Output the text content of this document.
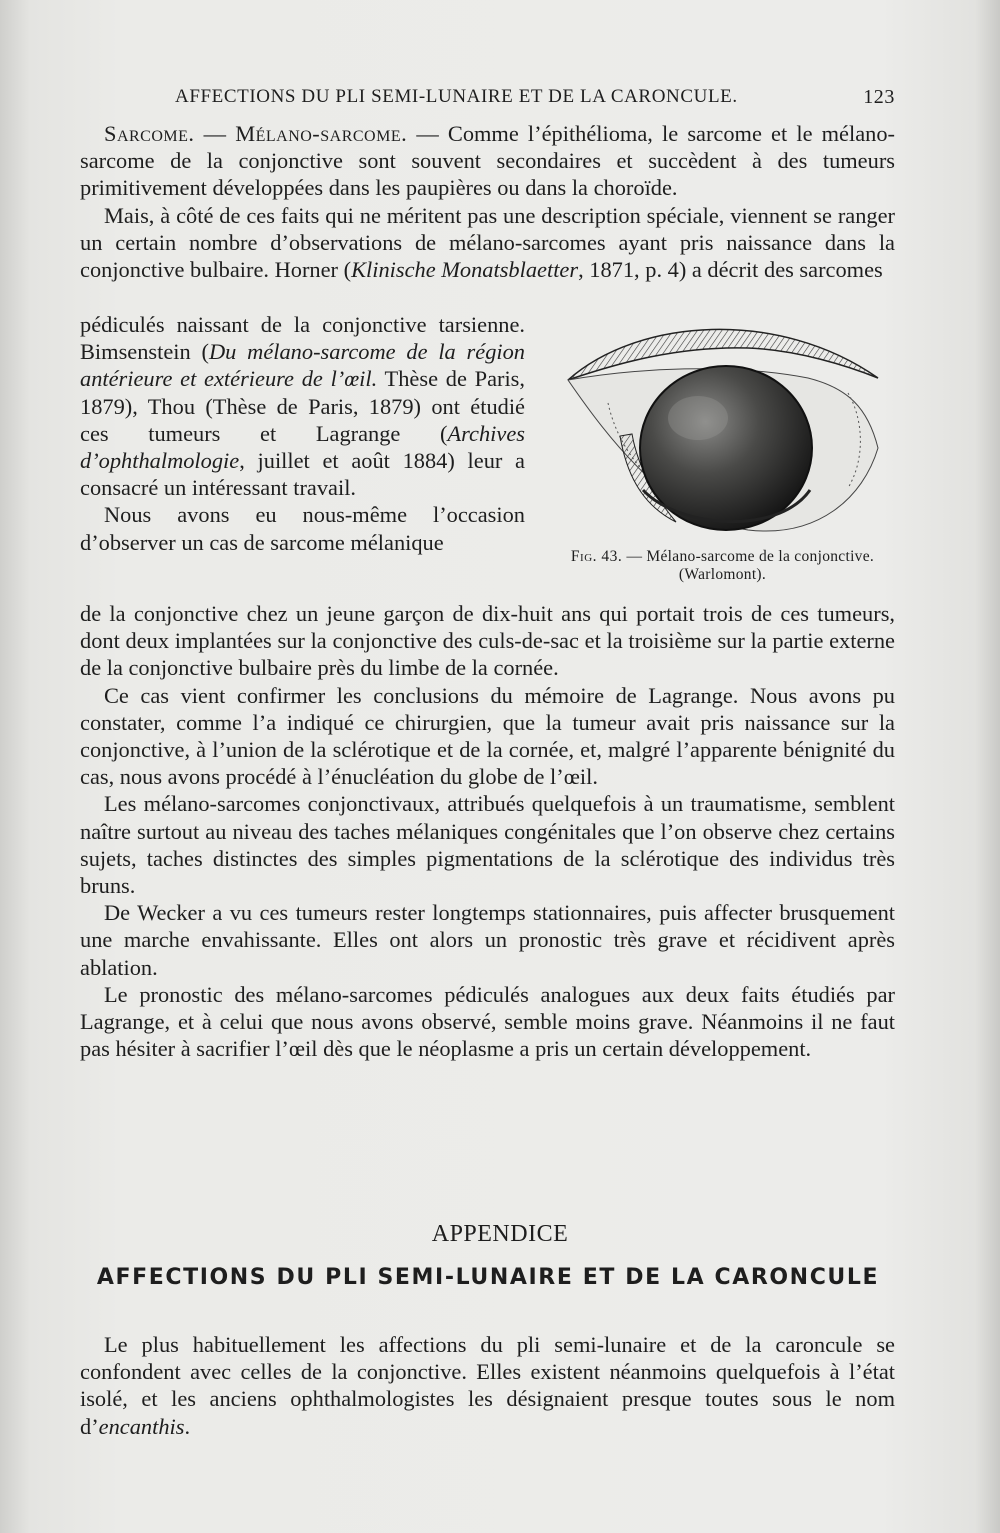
AFFECTIONS DU PLI SEMI-LUNAIRE ET DE LA CARONCULE.	123

Sarcome. — Mélano-sarcome. — Comme l’épithélioma, le sarcome et le mélano-sarcome de la conjonctive sont souvent secondaires et succèdent à des tumeurs primitivement développées dans les paupières ou dans la choroïde.

Mais, à côté de ces faits qui ne méritent pas une description spéciale, viennent se ranger un certain nombre d’observations de mélano-sarcomes ayant pris naissance dans la conjonctive bulbaire. Horner (Klinische Monatsblaetter, 1871, p. 4) a décrit des sarcomes

pédiculés naissant de la conjonctive tarsienne. Bimsenstein (Du mélano-sarcome de la région antérieure et extérieure de l’œil. Thèse de Paris, 1879), Thou (Thèse de Paris, 1879) ont étudié ces tumeurs et Lagrange (Archives d’ophthalmologie, juillet et août 1884) leur a consacré un intéressant travail.

Nous avons eu nous-même l’occasion d’observer un cas de sarcome mélanique

Fig. 43. — Mélano-sarcome de la conjonctive.
(Warlomont).

de la conjonctive chez un jeune garçon de dix-huit ans qui portait trois de ces tumeurs, dont deux implantées sur la conjonctive des culs-de-sac et la troisième sur la partie externe de la conjonctive bulbaire près du limbe de la cornée.

Ce cas vient confirmer les conclusions du mémoire de Lagrange. Nous avons pu constater, comme l’a indiqué ce chirurgien, que la tumeur avait pris naissance sur la conjonctive, à l’union de la sclérotique et de la cornée, et, malgré l’apparente bénignité du cas, nous avons procédé à l’énucléation du globe de l’œil.

Les mélano-sarcomes conjonctivaux, attribués quelquefois à un traumatisme, semblent naître surtout au niveau des taches mélaniques congénitales que l’on observe chez certains sujets, taches distinctes des simples pigmentations de la sclérotique des individus très bruns.

De Wecker a vu ces tumeurs rester longtemps stationnaires, puis affecter brusquement une marche envahissante. Elles ont alors un pronostic très grave et récidivent après ablation.

Le pronostic des mélano-sarcomes pédiculés analogues aux deux faits étudiés par Lagrange, et à celui que nous avons observé, semble moins grave. Néanmoins il ne faut pas hésiter à sacrifier l’œil dès que le néoplasme a pris un certain développement.

APPENDICE
AFFECTIONS DU PLI SEMI-LUNAIRE ET DE LA CARONCULE

Le plus habituellement les affections du pli semi-lunaire et de la caroncule se confondent avec celles de la conjonctive. Elles existent néanmoins quelquefois à l’état isolé, et les anciens ophthalmologistes les désignaient presque toutes sous le nom d’encanthis.
